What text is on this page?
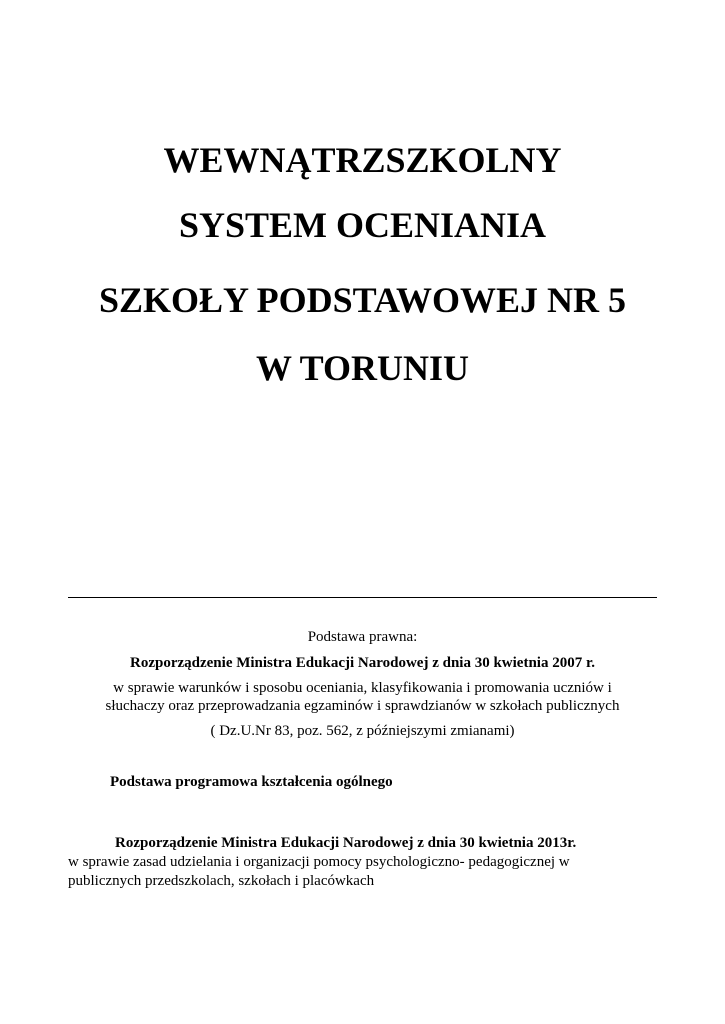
WEWNĄTRZSZKOLNY
SYSTEM OCENIANIA
SZKOŁY PODSTAWOWEJ NR 5
W TORUNIU
Podstawa prawna:
Rozporządzenie Ministra Edukacji Narodowej z dnia 30 kwietnia 2007 r.
w sprawie warunków i sposobu oceniania, klasyfikowania i promowania uczniów i
słuchaczy oraz przeprowadzania egzaminów i sprawdzianów w szkołach publicznych
( Dz.U.Nr 83, poz. 562, z późniejszymi zmianami)
Podstawa programowa kształcenia ogólnego
Rozporządzenie Ministra Edukacji Narodowej z dnia 30 kwietnia 2013r.
w sprawie zasad udzielania i organizacji pomocy psychologiczno- pedagogicznej w
publicznych przedszkolach, szkołach i placówkach
